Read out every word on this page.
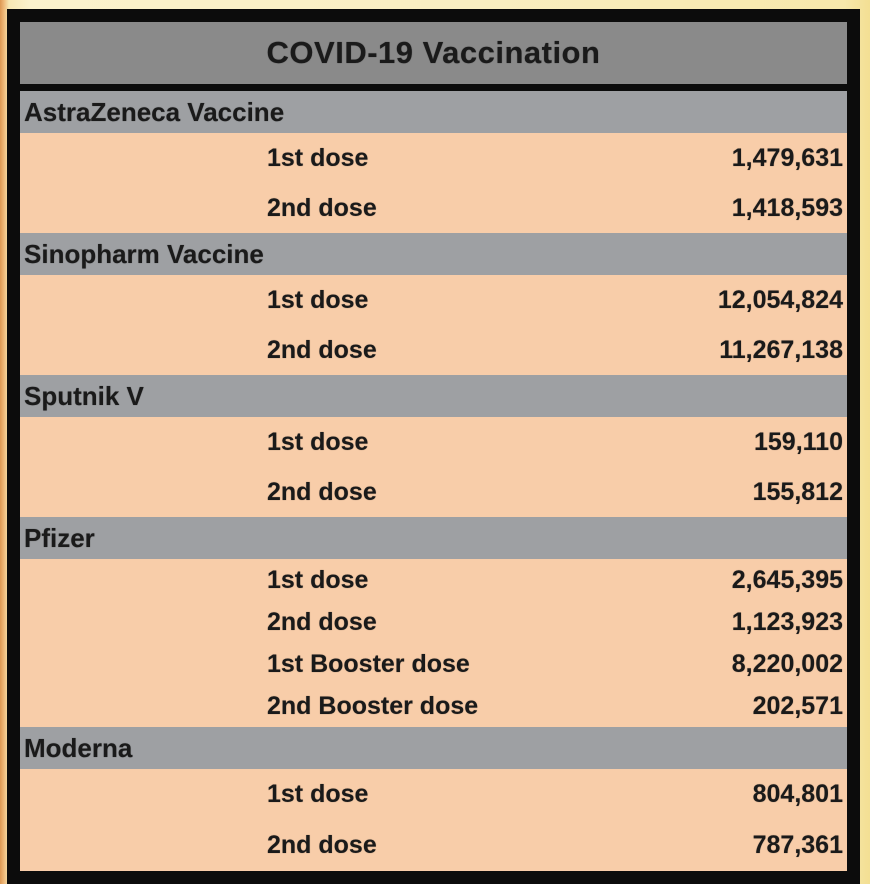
COVID-19 Vaccination
AstraZeneca Vaccine
1st dose	1,479,631
2nd dose	1,418,593
Sinopharm Vaccine
1st dose	12,054,824
2nd dose	11,267,138
Sputnik V
1st dose	159,110
2nd dose	155,812
Pfizer
1st dose	2,645,395
2nd dose	1,123,923
1st Booster dose	8,220,002
2nd Booster dose	202,571
Moderna
1st dose	804,801
2nd dose	787,361
